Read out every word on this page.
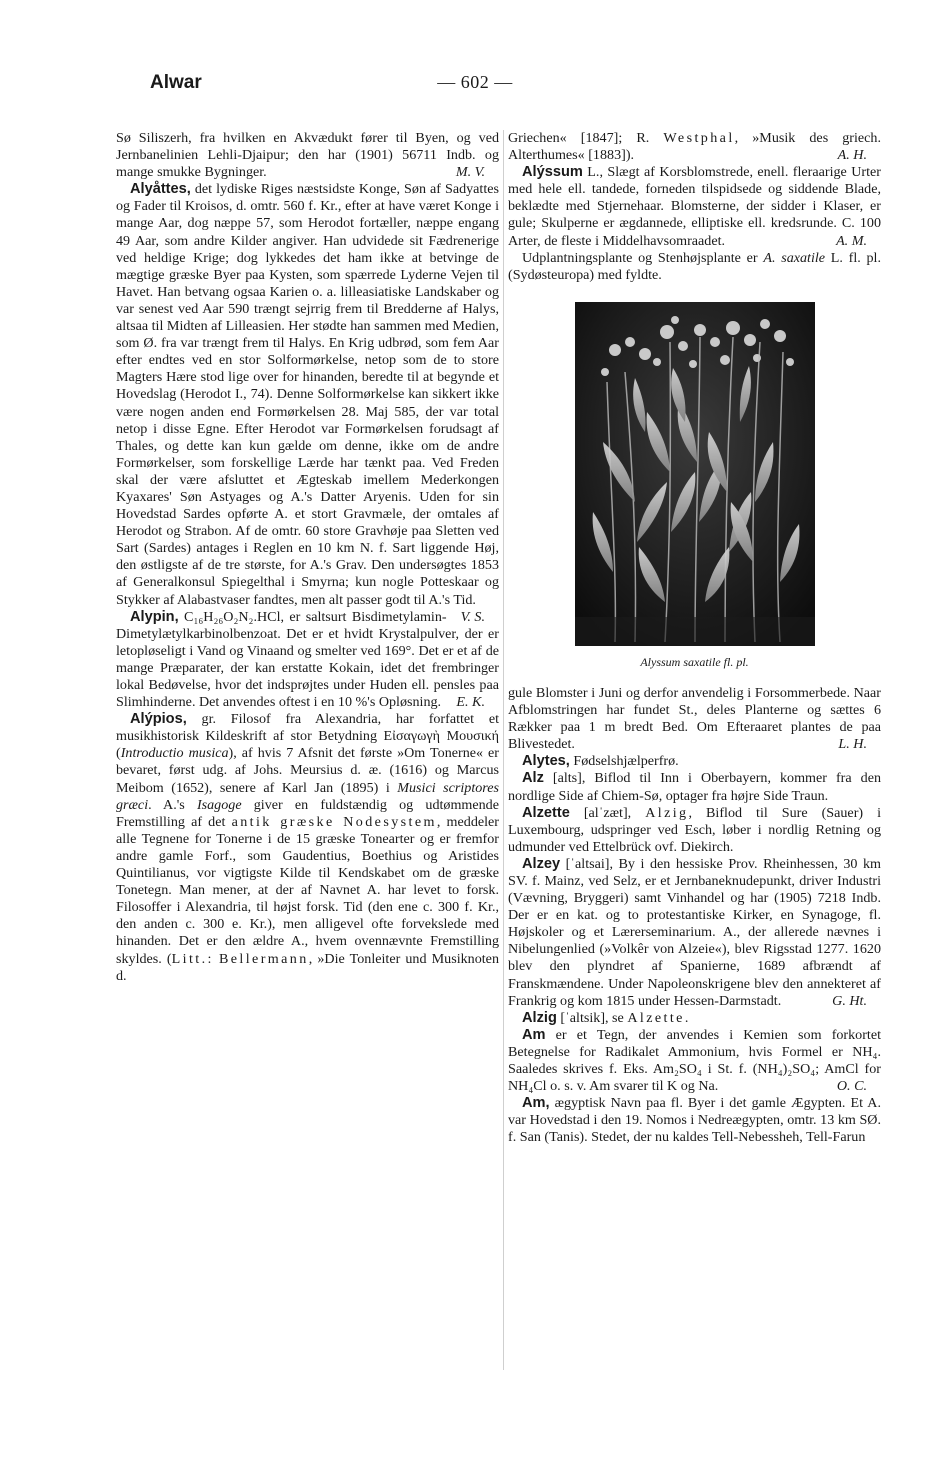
Alwar	— 602 —

Sø Siliszerh, fra hvilken en Akvædukt fører til Byen, og ved Jernbanelinien Lehli-Djaipur; den har (1901) 56711 Indb. og mange smukke Bygninger.	M. V.

Alyåttes, det lydiske Riges næstsidste Konge, Søn af Sadyattes og Fader til Kroisos, d. omtr. 560 f. Kr., efter at have været Konge i mange Aar, dog næppe 57, som Herodot fortæller, næppe engang 49 Aar, som andre Kilder angiver. Han udvidede sit Fædrenerige ved heldige Krige; dog lykkedes det ham ikke at betvinge de mægtige græske Byer paa Kysten, som spærrede Lyderne Vejen til Havet. Han betvang ogsaa Karien o. a. lilleasiatiske Landskaber og var senest ved Aar 590 trængt sejrrig frem til Bredderne af Halys, altsaa til Midten af Lilleasien. Her stødte han sammen med Medien, som Ø. fra var trængt frem til Halys. En Krig udbrød, som fem Aar efter endtes ved en stor Solformørkelse, netop som de to store Magters Hære stod lige over for hinanden, beredte til at begynde et Hovedslag (Herodot I., 74). Denne Solformørkelse kan sikkert ikke være nogen anden end Formørkelsen 28. Maj 585, der var total netop i disse Egne. Efter Herodot var Formørkelsen forudsagt af Thales, og dette kan kun gælde om denne, ikke om de andre Formørkelser, som forskellige Lærde har tænkt paa. Ved Freden skal der være afsluttet et Ægteskab imellem Mederkongen Kyaxares' Søn Astyages og A.'s Datter Aryenis. Uden for sin Hovedstad Sardes opførte A. et stort Gravmæle, der omtales af Herodot og Strabon. Af de omtr. 60 store Gravhøje paa Sletten ved Sart (Sardes) antages i Reglen en 10 km N. f. Sart liggende Høj, den østligste af de tre største, for A.'s Grav. Den undersøgtes 1853 af Generalkonsul Spiegelthal i Smyrna; kun nogle Potteskaar og Stykker af Alabastvaser fandtes, men alt passer godt til A.'s Tid.
V. S.

Alypin, C₁₆H₂₆O₂N₂.HCl, er saltsurt Bisdimetylamin-Dimetylætylkarbinolbenzoat. Det er et hvidt Krystalpulver, der er letopløseligt i Vand og Vinaand og smelter ved 169°. Det er et af de mange Præparater, der kan erstatte Kokain, idet det frembringer lokal Bedøvelse, hvor det indsprøjtes under Huden ell. pensles paa Slimhinderne. Det anvendes oftest i en 10 %'s Opløsning.	E. K.

Alýpios, gr. Filosof fra Alexandria, har forfattet et musikhistorisk Kildeskrift af stor Betydning Εἰσαγωγὴ Μουσική (Introductio musica), af hvis 7 Afsnit det første »Om Tonerne« er bevaret, først udg. af Johs. Meursius d. æ. (1616) og Marcus Meibom (1652), senere af Karl Jan (1895) i Musici scriptores græci. A.'s Isagoge giver en fuldstændig og udtømmende Fremstilling af det antik græske Nodesystem, meddeler alle Tegnene for Tonerne i de 15 græske Tonearter og er fremfor andre gamle Forf., som Gaudentius, Boethius og Aristides Quintilianus, vor vigtigste Kilde til Kendskabet om de græske Tonetegn. Man mener, at der af Navnet A. har levet to forsk. Filosoffer i Alexandria, til højst forsk. Tid (den ene c. 300 f. Kr., den anden c. 300 e. Kr.), men alligevel ofte forvekslede med hinanden. Det er den ældre A., hvem ovennævnte Fremstilling skyldes. (Litt.: Bellermann, »Die Tonleiter und Musiknoten d.

Griechen« [1847]; R. Westphal, »Musik des griech. Alterthumes« [1883]).	A. H.

Alýssum L., Slægt af Korsblomstrede, enell. fleraarige Urter med hele ell. tandede, forneden tilspidsede og siddende Blade, beklædte med Stjernehaar. Blomsterne, der sidder i Klaser, er gule; Skulperne er ægdannede, elliptiske ell. kredsrunde. C. 100 Arter, de fleste i Middelhavsomraadet.	A. M.

Udplantningsplante og Stenhøjsplante er A. saxatile L. fl. pl. (Sydøsteuropa) med fyldte.

Alyssum saxatile fl. pl.

gule Blomster i Juni og derfor anvendelig i Forsommerbede. Naar Afblomstringen har fundet St., deles Planterne og sættes 6 Rækker paa 1 m bredt Bed. Om Efteraaret plantes de paa Blivestedet.	L. H.

Alytes, Fødselshjælperfrø.

Alz [alts], Biflod til Inn i Oberbayern, kommer fra den nordlige Side af Chiem-Sø, optager fra højre Side Traun.

Alzette [alˈzæt], Alzig, Biflod til Sure (Sauer) i Luxembourg, udspringer ved Esch, løber i nordlig Retning og udmunder ved Ettelbrück ovf. Diekirch.

Alzey [ˈaltsai], By i den hessiske Prov. Rheinhessen, 30 km SV. f. Mainz, ved Selz, er et Jernbaneknudepunkt, driver Industri (Vævning, Bryggeri) samt Vinhandel og har (1905) 7218 Indb. Der er en kat. og to protestantiske Kirker, en Synagoge, fl. Højskoler og et Lærerseminarium. A., der allerede nævnes i Nibelungenlied (»Volkêr von Alzeie«), blev Rigsstad 1277. 1620 blev den plyndret af Spanierne, 1689 afbrændt af Franskmændene. Under Napoleonskrigene blev den annekteret af Frankrig og kom 1815 under Hessen-Darmstadt.	G. Ht.

Alzig [ˈaltsik], se Alzette.

Am er et Tegn, der anvendes i Kemien som forkortet Betegnelse for Radikalet Ammonium, hvis Formel er NH₄. Saaledes skrives f. Eks. Am₂SO₄ i St. f. (NH₄)₂SO₄; AmCl for NH₄Cl o. s. v. Am svarer til K og Na.	O. C.

Am, ægyptisk Navn paa fl. Byer i det gamle Ægypten. Et A. var Hovedstad i den 19. Nomos i Nedreægypten, omtr. 13 km SØ. f. San (Tanis). Stedet, der nu kaldes Tell-Nebessheh, Tell-Farun
